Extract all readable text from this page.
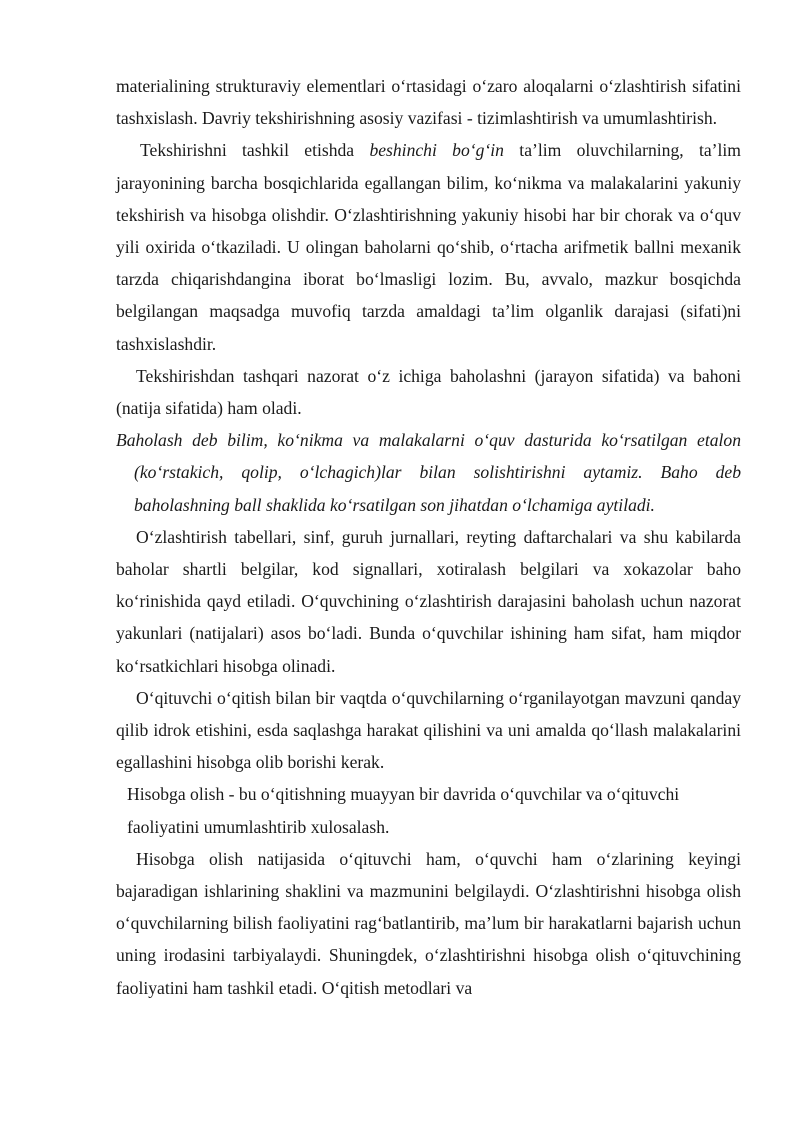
materialining strukturaviy elementlari o‘rtasidagi o‘zaro aloqalarni o‘zlashtirish sifatini tashxislash. Davriy tekshirishning asosiy vazifasi - tizimlashtirish va umumlashtirish.

Tekshirishni tashkil etishda beshinchi bo‘g‘in ta’lim oluvchilarning, ta’lim jarayonining barcha bosqichlarida egallangan bilim, ko‘nikma va malakalarini yakuniy tekshirish va hisobga olishdir. O‘zlashtirishning yakuniy hisobi har bir chorak va o‘quv yili oxirida o‘tkaziladi. U olingan baholarni qo‘shib, o‘rtacha arifmetik ballni mexanik tarzda chiqarishdangina iborat bo‘lmasligi lozim. Bu, avvalo, mazkur bosqichda belgilangan maqsadga muvofiq tarzda amaldagi ta’lim olganlik darajasi (sifati)ni tashxislashdir.

Tekshirishdan tashqari nazorat o‘z ichiga baholashni (jarayon sifatida) va bahoni (natija sifatida) ham oladi.

Baholash deb bilim, ko‘nikma va malakalarni o‘quv dasturida ko‘rsatilgan etalon (ko‘rstakich, qolip, o‘lchagich)lar bilan solishtirishni aytamiz. Baho deb baholashning ball shaklida ko‘rsatilgan son jihatdan o‘lchamiga aytiladi.

O‘zlashtirish tabellari, sinf, guruh jurnallari, reyting daftarchalari va shu kabilarda baholar shartli belgilar, kod signallari, xotiralash belgilari va xokazolar baho ko‘rinishida qayd etiladi. O‘quvchining o‘zlashtirish darajasini baholash uchun nazorat yakunlari (natijalari) asos bo‘ladi. Bunda o‘quvchilar ishining ham sifat, ham miqdor ko‘rsatkichlari hisobga olinadi.

O‘qituvchi o‘qitish bilan bir vaqtda o‘quvchilarning o‘rganilayotgan mavzuni qanday qilib idrok etishini, esda saqlashga harakat qilishini va uni amalda qo‘llash malakalarini egallashini hisobga olib borishi kerak.

Hisobga olish - bu o‘qitishning muayyan bir davrida o‘quvchilar va o‘qituvchi
faoliyatini umumlashtirib xulosalash.

Hisobga olish natijasida o‘qituvchi ham, o‘quvchi ham o‘zlarining keyingi bajaradigan ishlarining shaklini va mazmunini belgilaydi. O‘zlashtirishni hisobga olish o‘quvchilarning bilish faoliyatini rag‘batlantirib, ma’lum bir harakatlarni bajarish uchun uning irodasini tarbiyalaydi. Shuningdek, o‘zlashtirishni hisobga olish o‘qituvchining faoliyatini ham tashkil etadi. O‘qitish metodlari va
